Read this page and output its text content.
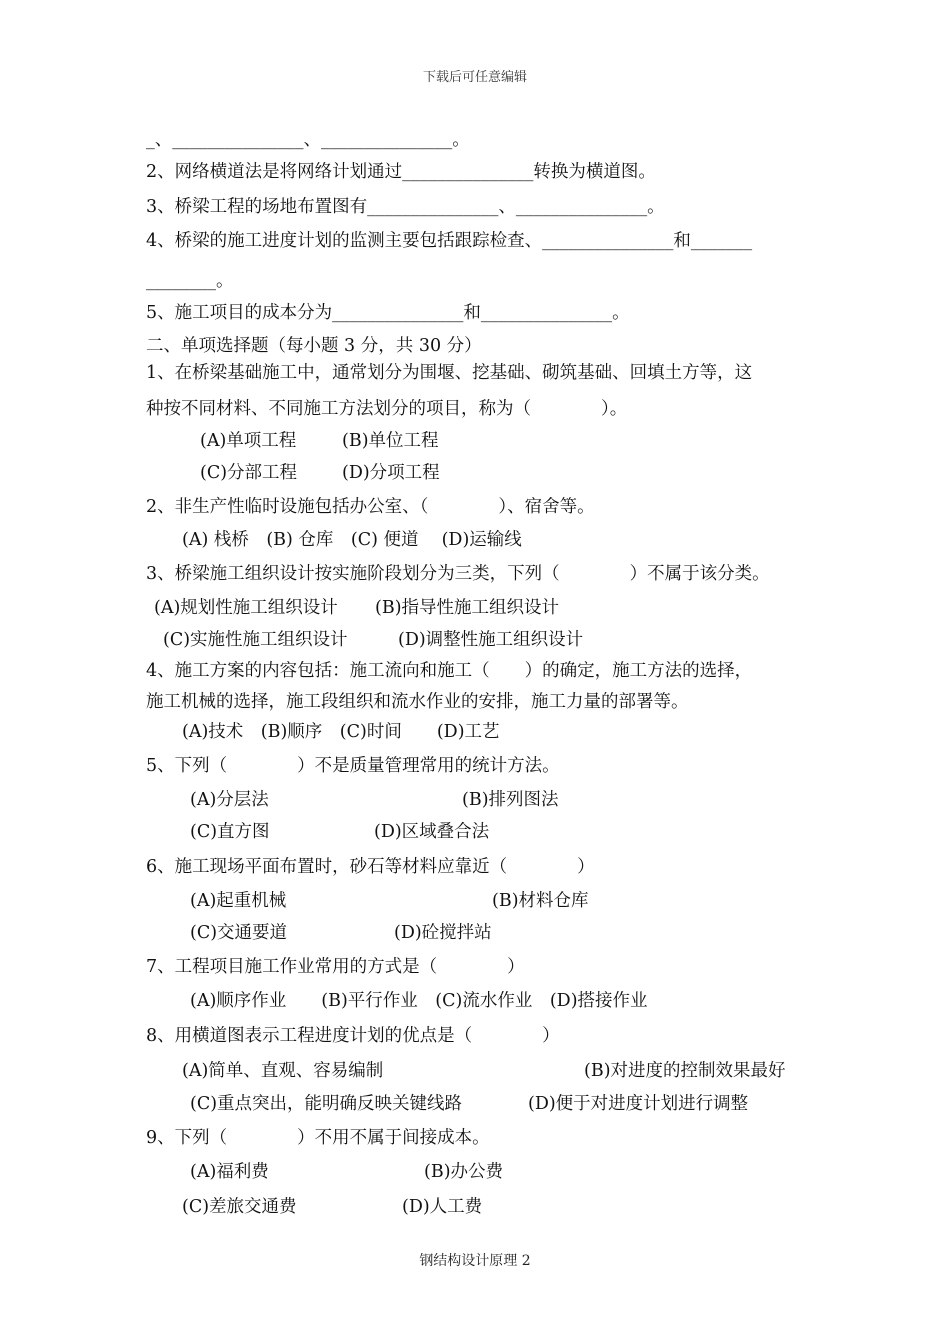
下载后可任意编辑
_、_______________、_______________。
2、网络横道法是将网络计划通过_______________转换为横道图。
3、桥梁工程的场地布置图有_______________、_______________。
4、桥梁的施工进度计划的监测主要包括跟踪检查、_______________和_______
________。
5、施工项目的成本分为_______________和_______________。
二、单项选择题（每小题 3 分，共 30 分）
1、在桥梁基础施工中，通常划分为围堰、挖基础、砌筑基础、回填土方等，这
种按不同材料、不同施工方法划分的项目，称为（　　　　）。
(A)单项工程	(B)单位工程
(C)分部工程	(D)分项工程
2、非生产性临时设施包括办公室、（　　　　）、宿舍等。
(A) 栈桥　(B) 仓库　(C) 便道　 (D)运输线
3、桥梁施工组织设计按实施阶段划分为三类，下列（　　　　）不属于该分类。
(A)规划性施工组织设计 (B)指导性施工组织设计
(C)实施性施工组织设计	(D)调整性施工组织设计
4、施工方案的内容包括：施工流向和施工（　　）的确定，施工方法的选择，
施工机械的选择，施工段组织和流水作业的安排，施工力量的部署等。
(A)技术　(B)顺序　(C)时间　　(D)工艺
5、下列（　　　　）不是质量管理常用的统计方法。
(A)分层法	(B)排列图法
(C)直方图	(D)区域叠合法
6、施工现场平面布置时，砂石等材料应靠近（　　　　）
(A)起重机械	(B)材料仓库
(C)交通要道	(D)砼搅拌站
7、工程项目施工作业常用的方式是（　　　　）
(A)顺序作业　　(B)平行作业　(C)流水作业　(D)搭接作业
8、用横道图表示工程进度计划的优点是（　　　　）
(A)简单、直观、容易编制	(B)对进度的控制效果最好
(C)重点突出，能明确反映关键线路	(D)便于对进度计划进行调整
9、下列（　　　　）不用不属于间接成本。
(A)福利费	(B)办公费
(C)差旅交通费	(D)人工费
钢结构设计原理 2
